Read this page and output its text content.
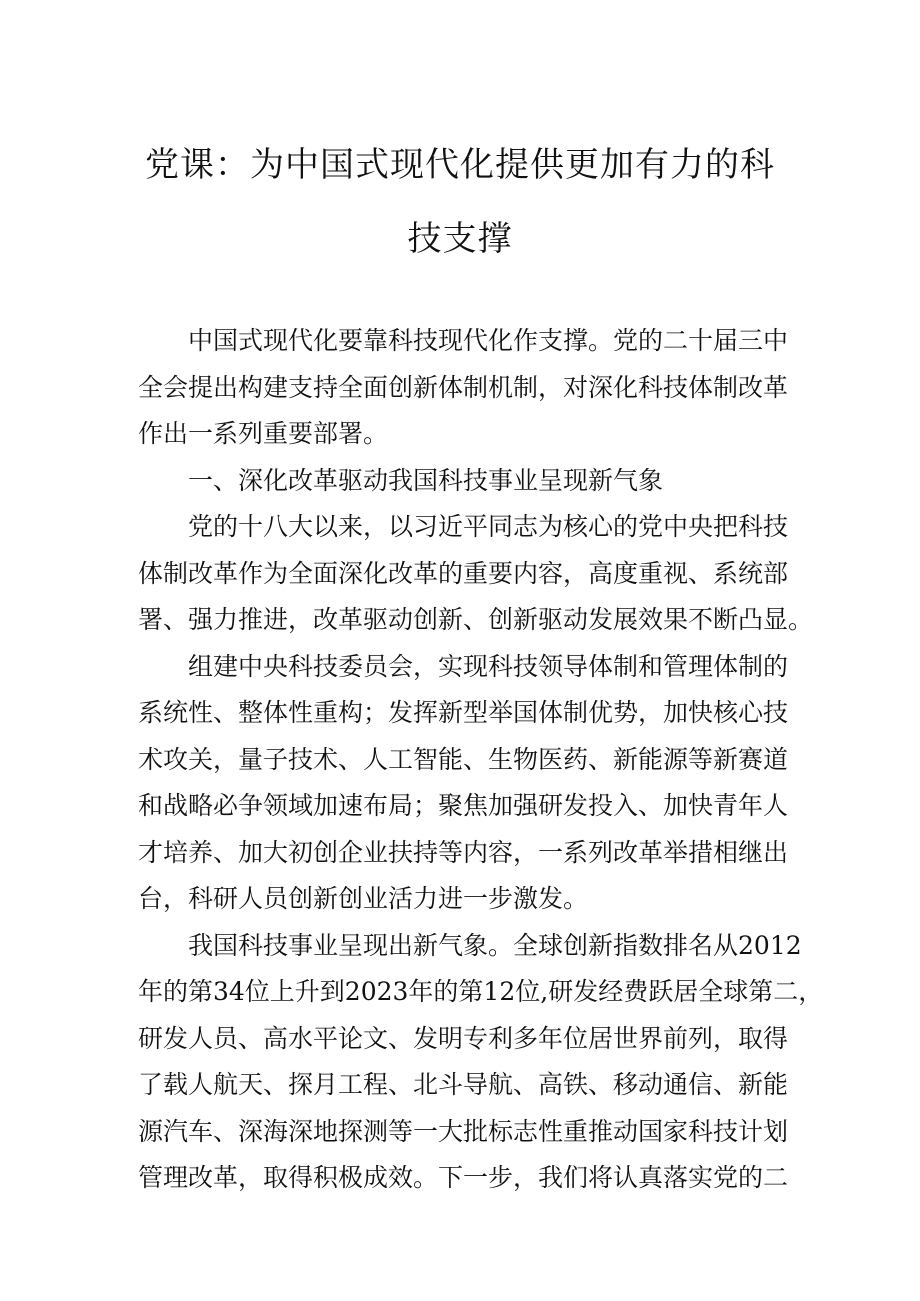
党课：为中国式现代化提供更加有力的科
技支撑
中国式现代化要靠科技现代化作支撑。党的二十届三中
全会提出构建支持全面创新体制机制，对深化科技体制改革
作出一系列重要部署。
一、深化改革驱动我国科技事业呈现新气象
党的十八大以来，以习近平同志为核心的党中央把科技
体制改革作为全面深化改革的重要内容，高度重视、系统部
署、强力推进，改革驱动创新、创新驱动发展效果不断凸显。
组建中央科技委员会，实现科技领导体制和管理体制的
系统性、整体性重构；发挥新型举国体制优势，加快核心技
术攻关，量子技术、人工智能、生物医药、新能源等新赛道
和战略必争领域加速布局；聚焦加强研发投入、加快青年人
才培养、加大初创企业扶持等内容，一系列改革举措相继出
台，科研人员创新创业活力进一步激发。
我国科技事业呈现出新气象。全球创新指数排名从2012
年的第34位上升到2023年的第12位,研发经费跃居全球第二，
研发人员、高水平论文、发明专利多年位居世界前列，取得
了载人航天、探月工程、北斗导航、高铁、移动通信、新能
源汽车、深海深地探测等一大批标志性重推动国家科技计划
管理改革，取得积极成效。下一步，我们将认真落实党的二
